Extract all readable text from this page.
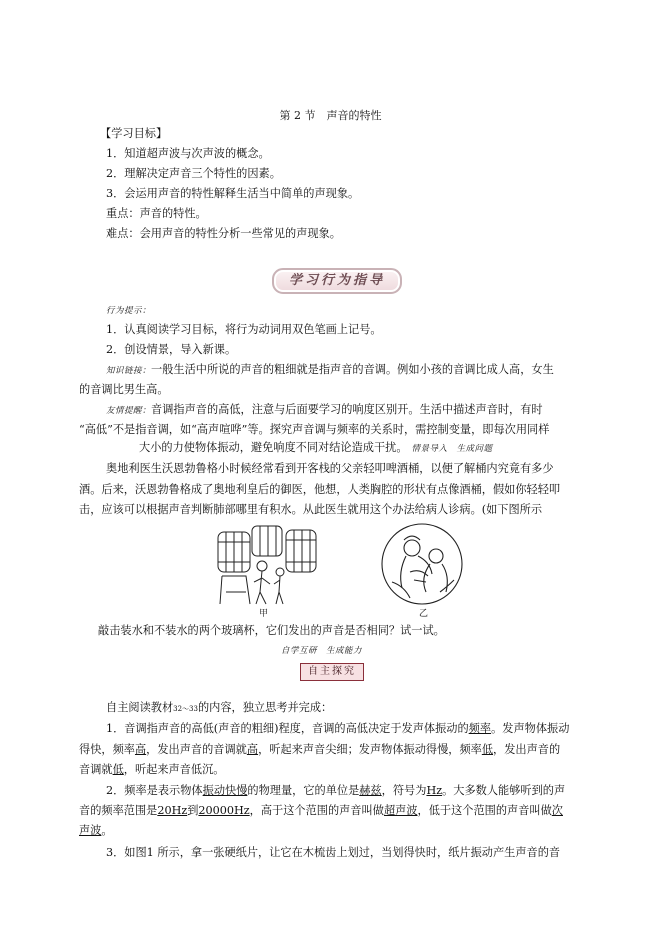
第 2 节　声音的特性
【学习目标】
1．知道超声波与次声波的概念。
2．理解决定声音三个特性的因素。
3．会运用声音的特性解释生活当中简单的声现象。
重点：声音的特性。
难点：会用声音的特性分析一些常见的声现象。
学习行为指导
行为提示：
1．认真阅读学习目标，将行为动词用双色笔画上记号。
2．创设情景，导入新课。
知识链接：一般生活中所说的声音的粗细就是指声音的音调。例如小孩的音调比成人高，女生
的音调比男生高。
友情提醒：音调指声音的高低，注意与后面要学习的响度区别开。生活中描述声音时，有时
“高低”不是指音调，如“高声喧哗”等。探究声音调与频率的关系时，需控制变量，即每次用同样
大小的力使物体振动，避免响度不同对结论造成干扰。 情景导入　生成问题
奥地利医生沃恩勃鲁格小时候经常看到开客栈的父亲轻叩啤酒桶，以便了解桶内究竟有多少
酒。后来，沃恩勃鲁格成了奥地利皇后的御医，他想，人类胸腔的形状有点像酒桶，假如你轻轻叩
击，应该可以根据声音判断肺部哪里有积水。从此医生就用这个办法给病人诊病。(如下图所示
甲	乙
敲击装水和不装水的两个玻璃杯，它们发出的声音是否相同？试一试。
自学互研　生成能力
自主探究
自主阅读教材32～33的内容，独立思考并完成：
1．音调指声音的高低(声音的粗细)程度，音调的高低决定于发声体振动的频率。发声物体振动
得快，频率高，发出声音的音调就高，听起来声音尖细；发声物体振动得慢，频率低，发出声音的
音调就低，听起来声音低沉。
2．频率是表示物体振动快慢的物理量，它的单位是赫兹，符号为Hz。大多数人能够听到的声
音的频率范围是20Hz到20000Hz，高于这个范围的声音叫做超声波，低于这个范围的声音叫做次
声波。
3．如图1 所示，拿一张硬纸片，让它在木梳齿上划过，当划得快时，纸片振动产生声音的音
